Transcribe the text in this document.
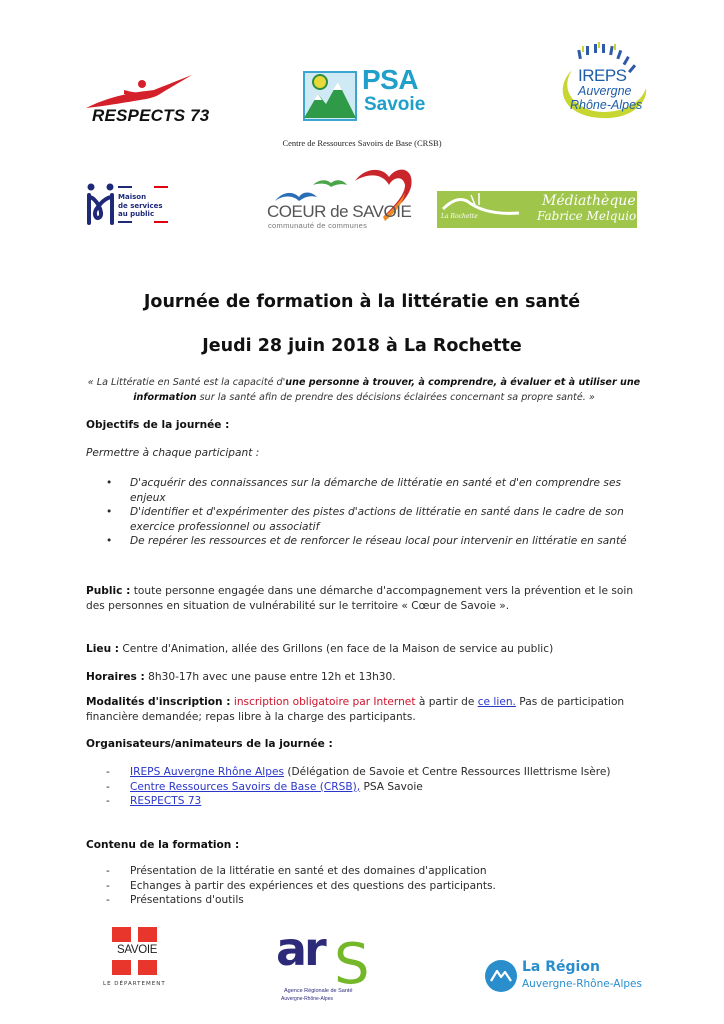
RESPECTS 73
PSA
Savoie
IREPS
Auvergne
Rhône-Alpes
Centre de Ressources Savoirs de Base (CRSB)
Maison
de services
au public	COEUR de SAVOIE
communauté de communes
La Rochette
Médiathèque
Fabrice Melquiot
Journée de formation à la littératie en santé
Jeudi 28 juin 2018 à La Rochette
« La Littératie en Santé est la capacité d'une personne à trouver, à comprendre, à évaluer et à utiliser une information sur la santé afin de prendre des décisions éclairées concernant sa propre santé. »
Objectifs de la journée :
Permettre à chaque participant :
• D'acquérir des connaissances sur la démarche de littératie en santé et d'en comprendre ses enjeux
• D'identifier et d'expérimenter des pistes d'actions de littératie en santé dans le cadre de son exercice professionnel ou associatif
• De repérer les ressources et de renforcer le réseau local pour intervenir en littératie en santé
Public : toute personne engagée dans une démarche d'accompagnement vers la prévention et le soin des personnes en situation de vulnérabilité sur le territoire « Cœur de Savoie ».
Lieu : Centre d'Animation, allée des Grillons (en face de la Maison de service au public)
Horaires : 8h30-17h avec une pause entre 12h et 13h30.
Modalités d'inscription : inscription obligatoire par Internet à partir de ce lien. Pas de participation financière demandée; repas libre à la charge des participants.
Organisateurs/animateurs de la journée :
- IREPS Auvergne Rhône Alpes (Délégation de Savoie et Centre Ressources Illettrisme Isère)
- Centre Ressources Savoirs de Base (CRSB), PSA Savoie
- RESPECTS 73
Contenu de la formation :
- Présentation de la littératie en santé et des domaines d'application
- Echanges à partir des expériences et des questions des participants.
- Présentations d'outils
SAVOIE
LE DÉPARTEMENT
ar S
Agence Régionale de Santé
Auvergne-Rhône-Alpes
La Région
Auvergne-Rhône-Alpes
